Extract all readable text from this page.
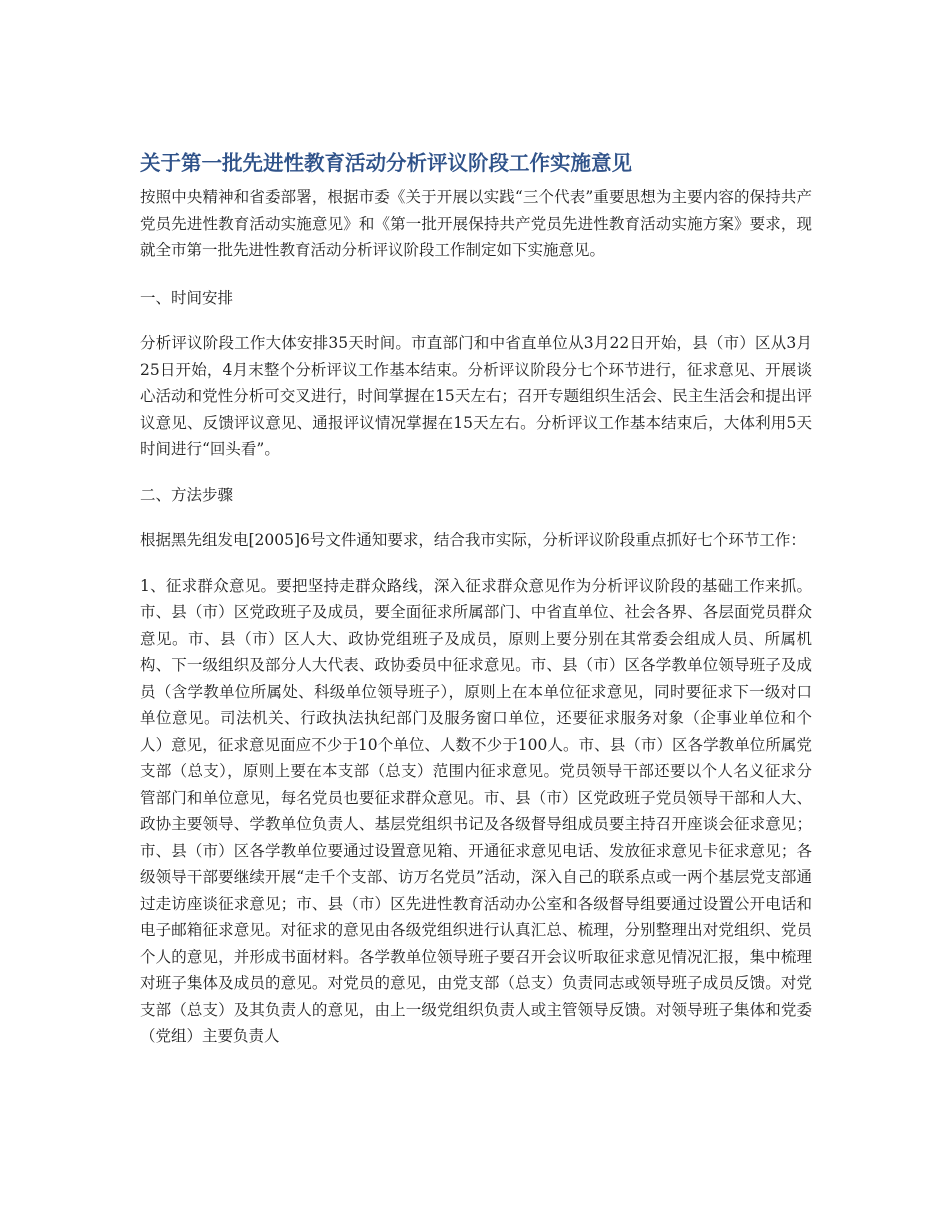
关于第一批先进性教育活动分析评议阶段工作实施意见

按照中央精神和省委部署，根据市委《关于开展以实践“三个代表”重要思想为主要内容的保持共产党员先进性教育活动实施意见》和《第一批开展保持共产党员先进性教育活动实施方案》要求，现就全市第一批先进性教育活动分析评议阶段工作制定如下实施意见。

一、时间安排

分析评议阶段工作大体安排35天时间。市直部门和中省直单位从3月22日开始，县（市）区从3月25日开始，4月末整个分析评议工作基本结束。分析评议阶段分七个环节进行，征求意见、开展谈心活动和党性分析可交叉进行，时间掌握在15天左右；召开专题组织生活会、民主生活会和提出评议意见、反馈评议意见、通报评议情况掌握在15天左右。分析评议工作基本结束后，大体利用5天时间进行“回头看”。

二、方法步骤

根据黑先组发电[2005]6号文件通知要求，结合我市实际，分析评议阶段重点抓好七个环节工作：

1、征求群众意见。要把坚持走群众路线，深入征求群众意见作为分析评议阶段的基础工作来抓。市、县（市）区党政班子及成员，要全面征求所属部门、中省直单位、社会各界、各层面党员群众意见。市、县（市）区人大、政协党组班子及成员，原则上要分别在其常委会组成人员、所属机构、下一级组织及部分人大代表、政协委员中征求意见。市、县（市）区各学教单位领导班子及成员（含学教单位所属处、科级单位领导班子），原则上在本单位征求意见，同时要征求下一级对口单位意见。司法机关、行政执法执纪部门及服务窗口单位，还要征求服务对象（企事业单位和个人）意见，征求意见面应不少于10个单位、人数不少于100人。市、县（市）区各学教单位所属党支部（总支），原则上要在本支部（总支）范围内征求意见。党员领导干部还要以个人名义征求分管部门和单位意见，每名党员也要征求群众意见。市、县（市）区党政班子党员领导干部和人大、政协主要领导、学教单位负责人、基层党组织书记及各级督导组成员要主持召开座谈会征求意见；市、县（市）区各学教单位要通过设置意见箱、开通征求意见电话、发放征求意见卡征求意见；各级领导干部要继续开展“走千个支部、访万名党员”活动，深入自己的联系点或一两个基层党支部通过走访座谈征求意见；市、县（市）区先进性教育活动办公室和各级督导组要通过设置公开电话和电子邮箱征求意见。对征求的意见由各级党组织进行认真汇总、梳理，分别整理出对党组织、党员个人的意见，并形成书面材料。各学教单位领导班子要召开会议听取征求意见情况汇报，集中梳理对班子集体及成员的意见。对党员的意见，由党支部（总支）负责同志或领导班子成员反馈。对党支部（总支）及其负责人的意见，由上一级党组织负责人或主管领导反馈。对领导班子集体和党委（党组）主要负责人
